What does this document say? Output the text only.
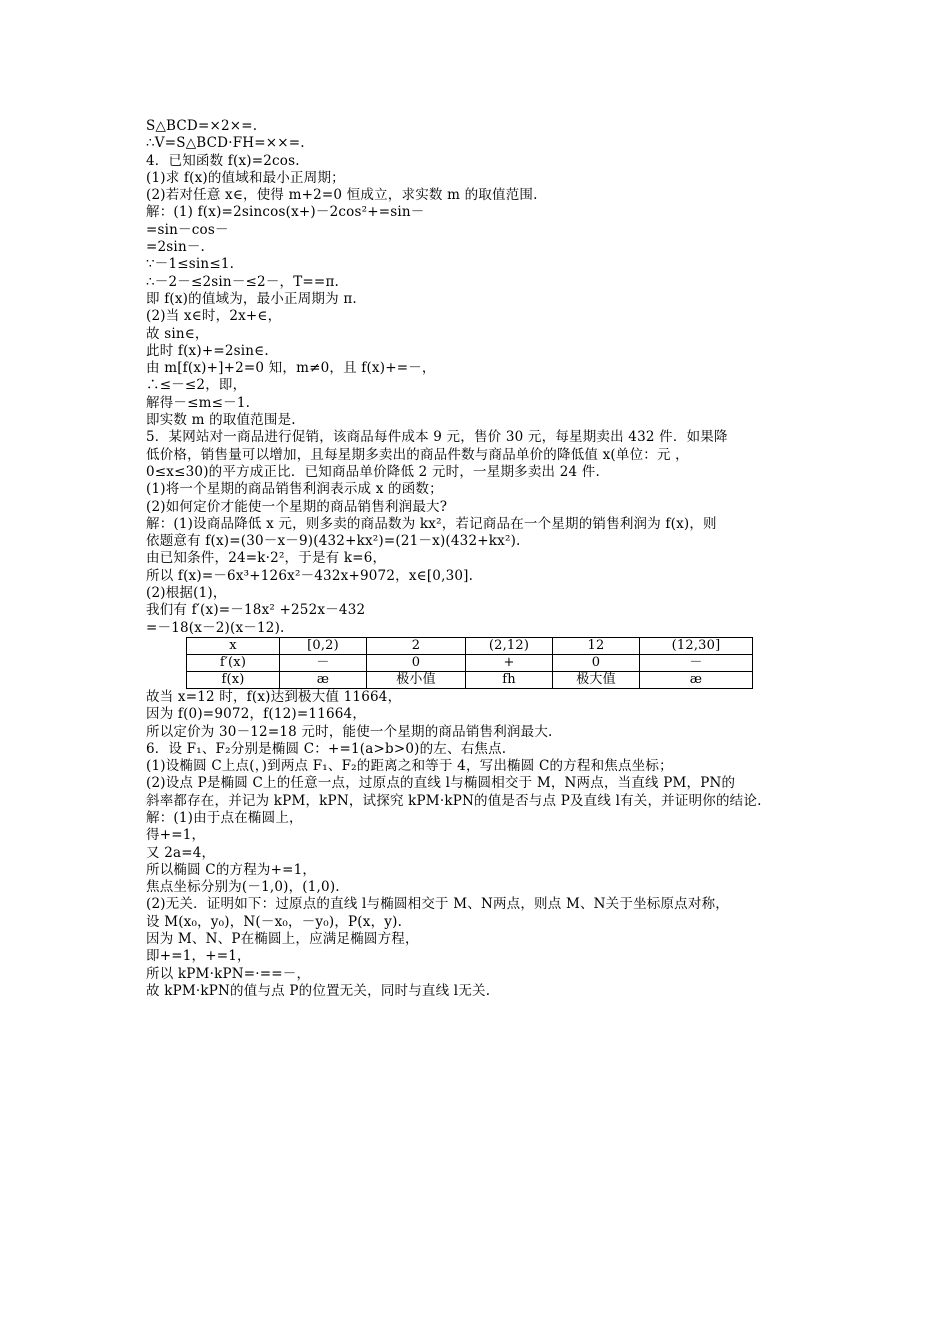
S△BCD=×2×=.
∴V=S△BCD·FH=××=.
4．已知函数 f(x)=2cos.
(1)求 f(x)的值域和最小正周期；
(2)若对任意 x∈，使得 m+2=0 恒成立，求实数 m 的取值范围.
解：(1) f(x)=2sincos(x+)－2cos²+=sin－
=sin－cos－
=2sin－.
∵－1≤sin≤1.
∴－2－≤2sin－≤2－，T==π.
即 f(x)的值域为，最小正周期为 π.
(2)当 x∈时，2x+∈，
故 sin∈，
此时 f(x)+=2sin∈.
由 m[f(x)+]+2=0 知，m≠0，且 f(x)+=－，
∴≤－≤2，即，
解得－≤m≤－1.
即实数 m 的取值范围是.
5．某网站对一商品进行促销，该商品每件成本 9 元，售价 30 元，每星期卖出 432 件．如果降
低价格，销售量可以增加，且每星期多卖出的商品件数与商品单价的降低值 x(单位：元 ，
0≤x≤30)的平方成正比．已知商品单价降低 2 元时，一星期多卖出 24 件.
(1)将一个星期的商品销售利润表示成 x 的函数；
(2)如何定价才能使一个星期的商品销售利润最大?
解：(1)设商品降低 x 元，则多卖的商品数为 kx²，若记商品在一个星期的销售利润为 f(x)，则
依题意有 f(x)=(30－x－9)(432+kx²)=(21－x)(432+kx²).
由已知条件，24=k·2²，于是有 k=6，
所以 f(x)=－6x³+126x²－432x+9072，x∈[0,30].
(2)根据(1)，
我们有 f′(x)=－18x² +252x－432
=－18(x－2)(x－12).
x	[0,2)	2	(2,12)	12	(12,30]
f′(x)	－	0	+	0	－
f(x)	æ	极小值	fh	极大值	æ
故当 x=12 时，f(x)达到极大值 11664，
因为 f(0)=9072，f(12)=11664，
所以定价为 30－12=18 元时，能使一个星期的商品销售利润最大.
6．设 F₁、F₂分别是椭圆 C：+=1(a>b>0)的左、右焦点.
(1)设椭圆 C上点(，)到两点 F₁、F₂的距离之和等于 4，写出椭圆 C的方程和焦点坐标；
(2)设点 P是椭圆 C上的任意一点，过原点的直线 l与椭圆相交于 M，N两点，当直线 PM，PN的
斜率都存在，并记为 kPM，kPN，试探究 kPM·kPN的值是否与点 P及直线 l有关，并证明你的结论.
解：(1)由于点在椭圆上，
得+=1，
又 2a=4，
所以椭圆 C的方程为+=1，
焦点坐标分别为(－1,0)，(1,0).
(2)无关．证明如下：过原点的直线 l与椭圆相交于 M、N两点，则点 M、N关于坐标原点对称，
设 M(x₀，y₀)，N(－x₀，－y₀)，P(x，y).
因为 M、N、P在椭圆上，应满足椭圆方程，
即+=1，+=1，
所以 kPM·kPN=·==－，
故 kPM·kPN的值与点 P的位置无关，同时与直线 l无关.
